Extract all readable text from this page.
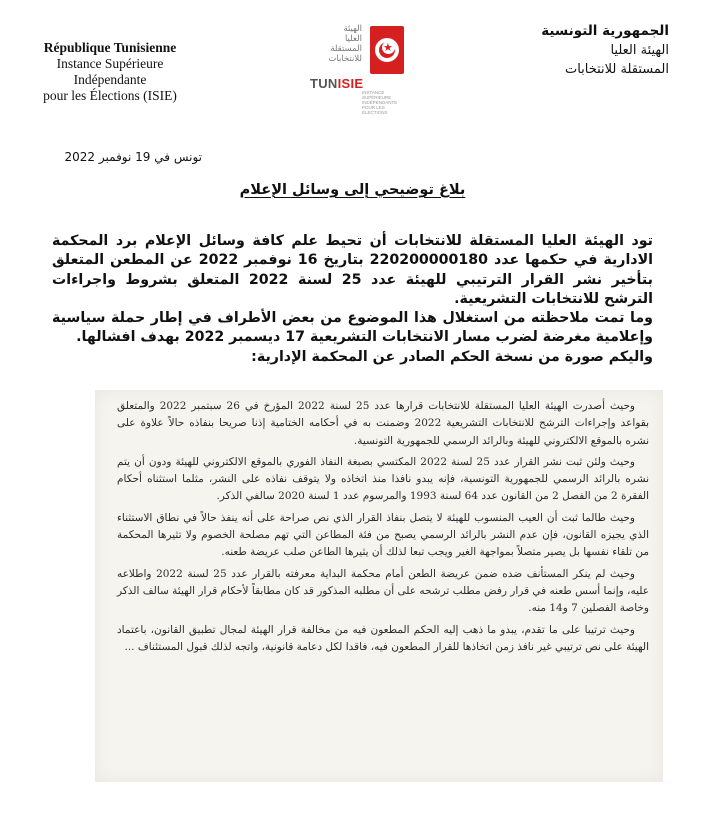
République Tunisienne
Instance Supérieure
Indépendante
pour les Élections (ISIE)
الهيئة
العليا
المستقلة
للانتخابات
★
TUNISIE
INSTANCE SUPÉRIEURE
INDÉPENDANTE
POUR LES ÉLECTIONS
الجمهورية التونسية
الهيئة العليا
المستقلة للانتخابات
تونس في 19 نوفمبر 2022
بلاغ توضيحي إلى وسائل الإعلام

تود الهيئة العليا المستقلة للانتخابات أن تحيط علم كافة وسائل الإعلام برد المحكمة الادارية في حكمها عدد 220200000180 بتاريخ 16 نوفمبر 2022 عن المطعن المتعلق بتأخير نشر القرار الترتيبي للهيئة عدد 25 لسنة 2022 المتعلق بشروط واجراءات الترشح للانتخابات التشريعية.

وما تمت ملاحظته من استغلال هذا الموضوع من بعض الأطراف في إطار حملة سياسية وإعلامية مغرضة لضرب مسار الانتخابات التشريعية 17 ديسمبر 2022 بهدف افشالها.

واليكم صورة من نسخة الحكم الصادر عن المحكمة الإدارية:

وحيث أصدرت الهيئة العليا المستقلة للانتخابات قرارها عدد 25 لسنة 2022 المؤرخ في 26 سبتمبر 2022 والمتعلق بقواعد وإجراءات الترشح للانتخابات التشريعية 2022 وضمنت به في أحكامه الختامية إذنا صريحا بنفاذه حالاً علاوة على نشره بالموقع الالكتروني للهيئة وبالرائد الرسمي للجمهورية التونسية.

وحيث ولئن ثبت نشر القرار عدد 25 لسنة 2022 المكتسي بصبغة النفاذ الفوري بالموقع الالكتروني للهيئة ودون أن يتم نشره بالرائد الرسمي للجمهورية التونسية، فإنه يبدو نافذا منذ اتخاذه ولا يتوقف نفاذه على النشر، مثلما استثناه أحكام الفقرة 2 من الفصل 2 من القانون عدد 64 لسنة 1993 والمرسوم عدد 1 لسنة 2020 سالفي الذكر.

وحيث طالما ثبت أن العيب المنسوب للهيئة لا يتصل بنفاذ القرار الذي نص صراحة على أنه ينفذ حالاً في نطاق الاستثناء الذي يجيزه القانون، فإن عدم النشر بالرائد الرسمي يصبح من فئة المطاعن التي تهم مصلحة الخصوم ولا تثيرها المحكمة من تلقاء نفسها بل يصير متصلاً بمواجهة الغير ويجب تبعا لذلك أن يثيرها الطاعن صلب عريضة طعنه.

وحيث لم ينكر المستأنف ضده ضمن عريضة الطعن أمام محكمة البداية معرفته بالقرار عدد 25 لسنة 2022 واطلاعه عليه، وإنما أسس طعنه في قرار رفض مطلب ترشحه على أن مطلبه المذكور قد كان مطابقاً لأحكام قرار الهيئة سالف الذكر وخاصة الفصلين 7 و14 منه.

وحيث ترتيبا على ما تقدم، يبدو ما ذهب إليه الحكم المطعون فيه من مخالفة قرار الهيئة لمجال تطبيق القانون، باعتماد الهيئة على نص ترتيبي غير نافذ زمن اتخاذها للقرار المطعون فيه، فاقدا لكل دعامة قانونية، واتجه لذلك قبول المستئناف ...
